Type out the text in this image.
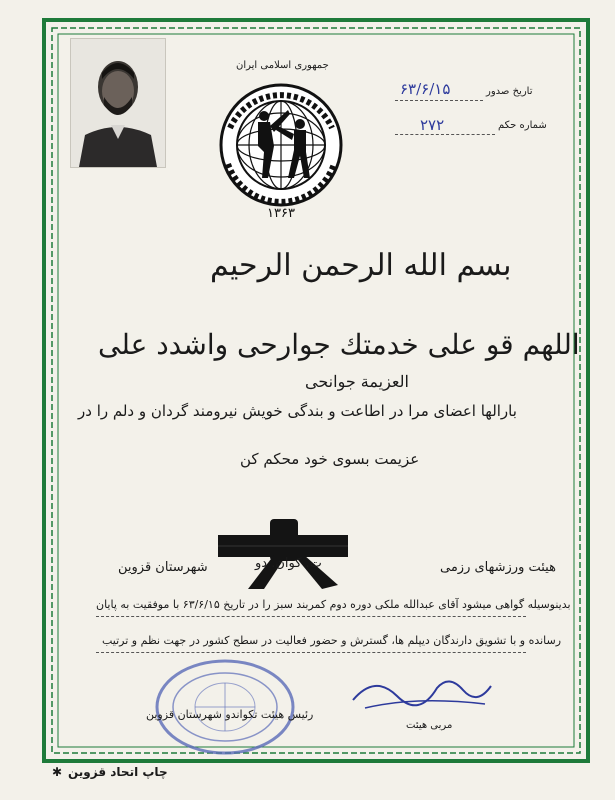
جمهوری اسلامی ایران
تاریخ صدور
۶۳/۶/۱۵
شماره حکم
۲۷۲
۱۳۶۳
بسم الله الرحمن الرحیم
اللهم قو علی خدمتك جوارحی واشدد علی
العزیمة جوانحی
بارالها اعضای مرا در اطاعت و بندگی خویش نیرومند گردان و دلم را در
عزیمت بسوی خود محکم کن
شهرستان قزوین	ت. کوان. دو	هیئت ورزشهای رزمی
بدینوسیله گواهی میشود آقای عبدالله ملکی دوره دوم کمربند سبز را در تاریخ ۶۳/۶/۱۵ با موفقیت به پایان
رسانده و با تشویق دارندگان دیپلم ها، گسترش و حضور فعالیت در سطح کشور در جهت نظم و ترتیب
مربی هیئت
رئیس هیئت تکواندو شهرستان قزوین
چاپ اتحاد قزوین
✱
